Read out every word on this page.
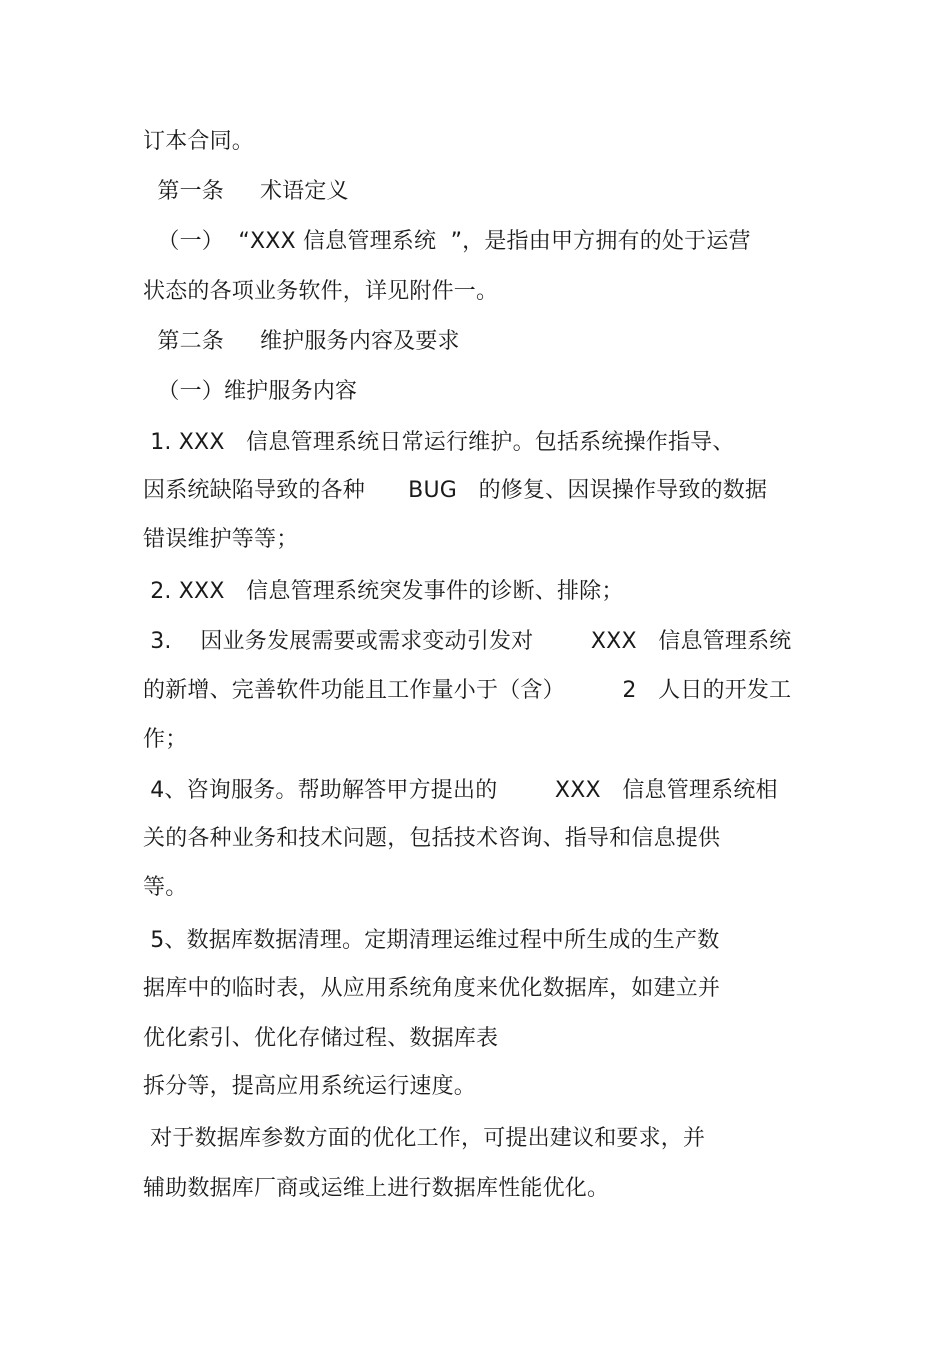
订本合同。
第一条     术语定义
（一）  “XXX 信息管理系统  ”，是指由甲方拥有的处于运营
状态的各项业务软件，详见附件一。
第二条     维护服务内容及要求
（一）维护服务内容
1. XXX   信息管理系统日常运行维护。包括系统操作指导、
因系统缺陷导致的各种      BUG   的修复、因误操作导致的数据
错误维护等等；
2. XXX   信息管理系统突发事件的诊断、排除；
3.    因业务发展需要或需求变动引发对        XXX   信息管理系统
的新增、完善软件功能且工作量小于（含）        2   人日的开发工
作；
4、咨询服务。帮助解答甲方提出的        XXX   信息管理系统相
关的各种业务和技术问题，包括技术咨询、指导和信息提供
等。
5、数据库数据清理。定期清理运维过程中所生成的生产数
据库中的临时表，从应用系统角度来优化数据库，如建立并
优化索引、优化存储过程、数据库表
拆分等，提高应用系统运行速度。
对于数据库参数方面的优化工作，可提出建议和要求，并
辅助数据库厂商或运维上进行数据库性能优化。
